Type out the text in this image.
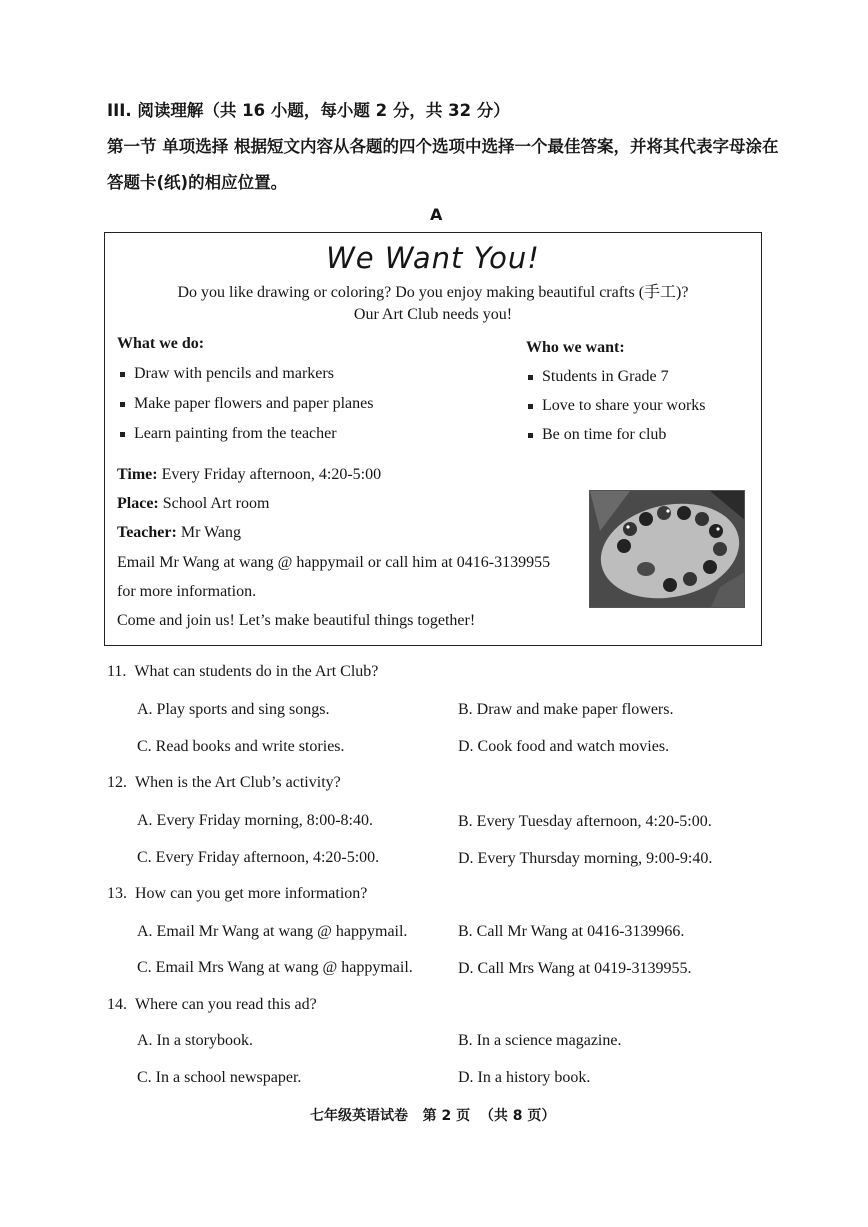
III. 阅读理解（共 16 小题，每小题 2 分，共 32 分）
第一节 单项选择 根据短文内容从各题的四个选项中选择一个最佳答案，并将其代表字母涂在
答题卡(纸)的相应位置。
A
We Want You!
Do you like drawing or coloring? Do you enjoy making beautiful crafts (手工)?
Our Art Club needs you!
What we do:
Draw with pencils and markers
Make paper flowers and paper planes
Learn painting from the teacher
Who we want:
Students in Grade 7
Love to share your works
Be on time for club
Time: Every Friday afternoon, 4:20-5:00
Place: School Art room
Teacher: Mr Wang
Email Mr Wang at wang @ happymail or call him at 0416-3139955
for more information.
Come and join us! Let’s make beautiful things together!
11. What can students do in the Art Club?
A. Play sports and sing songs.	B. Draw and make paper flowers.
C. Read books and write stories.	D. Cook food and watch movies.
12. When is the Art Club’s activity?
A. Every Friday morning, 8:00-8:40.	B. Every Tuesday afternoon, 4:20-5:00.
C. Every Friday afternoon, 4:20-5:00.	D. Every Thursday morning, 9:00-9:40.
13. How can you get more information?
A. Email Mr Wang at wang @ happymail.	B. Call Mr Wang at 0416-3139966.
C. Email Mrs Wang at wang @ happymail.	D. Call Mrs Wang at 0419-3139955.
14. Where can you read this ad?
A. In a storybook.	B. In a science magazine.
C. In a school newspaper.	D. In a history book.
七年级英语试卷   第 2 页  （共 8 页）
